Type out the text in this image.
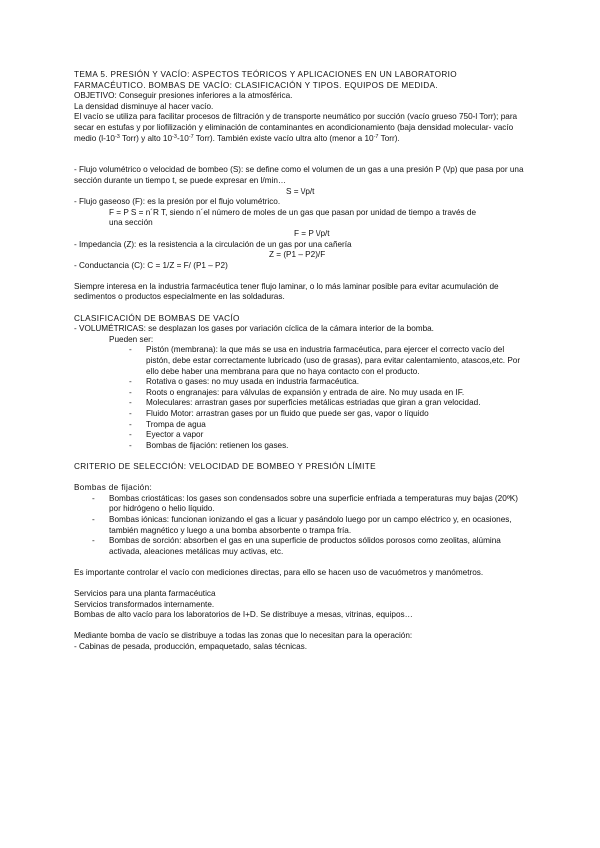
TEMA 5. PRESIÓN Y VACÍO: ASPECTOS TEÓRICOS Y APLICACIONES EN UN LABORATORIO

FARMACÉUTICO. BOMBAS DE VACÍO: CLASIFICACIÓN Y TIPOS. EQUIPOS DE MEDIDA.

OBJETIVO: Conseguir presiones inferiores a la atmosférica.

La densidad disminuye al hacer vacío.

El vacío se utiliza para facilitar procesos de filtración y de transporte neumático por succión (vacío grueso 750-l Torr); para secar en estufas y por liofilización y eliminación de contaminantes en acondicionamiento (baja densidad molecular- vacío medio ($l-10^{-3}$ Torr) y alto $10^{-3}-10^{-7}$ Torr). También existe vacío ultra alto (menor a $10^{-7}$ Torr).

- Flujo volumétrico o velocidad de bombeo (S): se define como el volumen de un gas a una presión P (\/p) que pasa por una sección durante un tiempo t, se puede expresar en l/min…

S = \/p/t

- Flujo gaseoso (F): es la presión por el flujo volumétrico.

F = P S = n´R T, siendo n´el número de moles de un gas que pasan por unidad de tiempo a través de

una sección

F = P \/p/t

- Impedancia (Z): es la resistencia a la circulación de un gas por una cañería

Z = (P1 – P2)/F

- Conductancia (C): C = 1/Z = F/ (P1 – P2)

Siempre interesa en la industria farmacéutica tener flujo laminar, o lo más laminar posible para evitar acumulación de sedimentos o productos especialmente en las soldaduras.

CLASIFICACIÓN DE BOMBAS DE VACÍO

- VOLUMÉTRICAS: se desplazan los gases por variación cíclica de la cámara interior de la bomba.

Pueden ser:

- Pistón (membrana): la que más se usa en industria farmacéutica, para ejercer el correcto vacío del pistón, debe estar correctamente lubricado (uso de grasas), para evitar calentamiento, atascos,etc. Por ello debe haber una membrana para que no haya contacto con el producto.
- Rotativa o gases: no muy usada en industria farmacéutica.
- Roots o engranajes: para válvulas de expansión y entrada de aire. No muy usada en IF.
- Moleculares: arrastran gases por superficies metálicas estriadas que giran a gran velocidad.
- Fluido Motor: arrastran gases por un fluido que puede ser gas, vapor o líquido
- Trompa de agua
- Eyector a vapor
- Bombas de fijación: retienen los gases.

CRITERIO DE SELECCIÓN: VELOCIDAD DE BOMBEO Y PRESIÓN LÍMITE

Bombas de fijación:

- Bombas criostáticas: los gases son condensados sobre una superficie enfriada a temperaturas muy bajas (20ºK) por hidrógeno o helio líquido.
- Bombas iónicas: funcionan ionizando el gas a licuar y pasándolo luego por un campo eléctrico y, en ocasiones, también magnético y luego a una bomba absorbente o trampa fría.
- Bombas de sorción: absorben el gas en una superficie de productos sólidos porosos como zeolitas, alúmina activada, aleaciones metálicas muy activas, etc.

Es importante controlar el vacío con mediciones directas, para ello se hacen uso de vacuómetros y manómetros.

Servicios para una planta farmacéutica

Servicios transformados internamente.

Bombas de alto vacío para los laboratorios de I+D. Se distribuye a mesas, vitrinas, equipos…

Mediante bomba de vacío se distribuye a todas las zonas que lo necesitan para la operación:

- Cabinas de pesada, producción, empaquetado, salas técnicas.
